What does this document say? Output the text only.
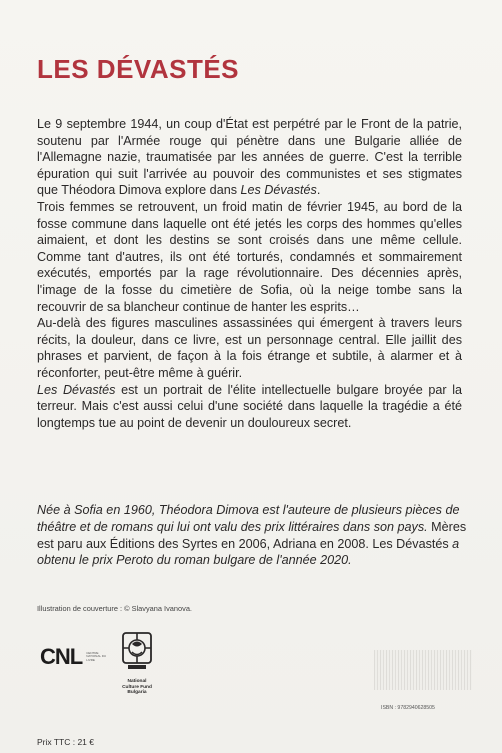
LES DÉVASTÉS

Le 9 septembre 1944, un coup d'État est perpétré par le Front de la patrie, soutenu par l'Armée rouge qui pénètre dans une Bulgarie alliée de l'Allemagne nazie, traumatisée par les années de guerre. C'est la terrible épuration qui suit l'arrivée au pouvoir des communistes et ses stigmates que Théodora Dimova explore dans Les Dévastés.

Trois femmes se retrouvent, un froid matin de février 1945, au bord de la fosse commune dans laquelle ont été jetés les corps des hommes qu'elles aimaient, et dont les destins se sont croisés dans une même cellule. Comme tant d'autres, ils ont été torturés, condamnés et sommairement exécutés, emportés par la rage révolutionnaire. Des décennies après, l'image de la fosse du cimetière de Sofia, où la neige tombe sans la recouvrir de sa blancheur continue de hanter les esprits…

Au-delà des figures masculines assassinées qui émergent à travers leurs récits, la douleur, dans ce livre, est un personnage central. Elle jaillit des phrases et parvient, de façon à la fois étrange et subtile, à alarmer et à réconforter, peut-être même à guérir.

Les Dévastés est un portrait de l'élite intellectuelle bulgare broyée par la terreur. Mais c'est aussi celui d'une société dans laquelle la tragédie a été longtemps tue au point de devenir un douloureux secret.

Née à Sofia en 1960, Théodora Dimova est l'auteure de plusieurs pièces de théâtre et de romans qui lui ont valu des prix littéraires dans son pays. Mères est paru aux Éditions des Syrtes en 2006, Adriana en 2008. Les Dévastés a obtenu le prix Peroto du roman bulgare de l'année 2020.

Illustration de couverture : © Slavyana Ivanova.
CNL CENTRE NATIONAL DU LIVRE
National
Culture Fund
Bulgaria
ISBN : 9782940628505
Prix TTC : 21 €
